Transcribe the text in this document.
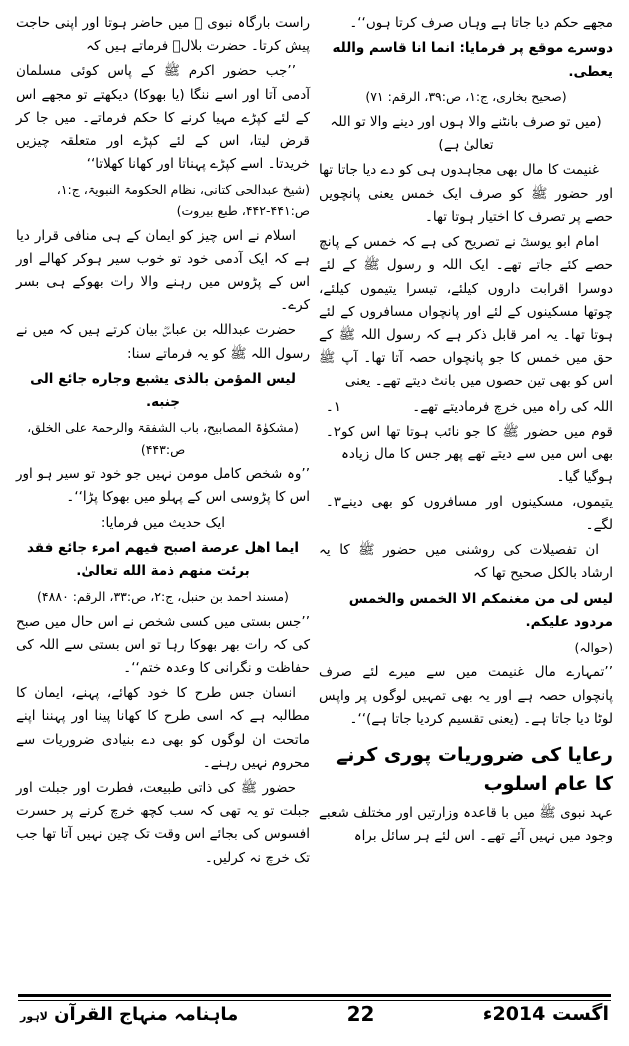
راست بارگاہ نبوی ﷺ میں حاضر ہوتا اور اپنی حاجت پیش کرتا۔ حضرت بلالؓ فرماتے ہیں کہ

’’جب حضور اکرم ﷺ کے پاس کوئی مسلمان آدمی آتا اور اسے ننگا (یا بھوکا) دیکھتے تو مجھے اس کے لئے کپڑے مہیا کرنے کا حکم فرماتے۔ میں جا کر قرض لیتا، اس کے لئے کپڑے اور متعلقہ چیزیں خریدتا۔ اسے کپڑے پہناتا اور کھانا کھلاتا‘‘

(شیخ عبدالحی کتانی، نظام الحکومۃ النبویۃ، ج:۱، ص:۴۴۱-۴۴۲، طبع بیروت)

اسلام نے اس چیز کو ایمان کے ہی منافی قرار دیا ہے کہ ایک آدمی خود تو خوب سیر ہوکر کھالے اور اس کے پڑوس میں رہنے والا رات بھوکے ہی بسر کرے۔

حضرت عبداللہ بن عباسؓ بیان کرتے ہیں کہ میں نے رسول اللہ ﷺ کو یہ فرماتے سنا:

ليس المؤمن بالذى يشبع وجاره جائع الى جنبه.

(مشکوٰۃ المصابیح، باب الشفقۃ والرحمۃ علی الخلق، ص:۴۴۳)

’’وہ شخص کامل مومن نہیں جو خود تو سیر ہو اور اس کا پڑوسی اس کے پہلو میں بھوکا پڑا‘‘۔

ایک حدیث میں فرمایا:

ايما اهل عرصة اصبح فيهم امرء جائع فقد برئت منهم ذمة الله تعالىٰ.

(مسند احمد بن حنبل، ج:۲، ص:۳۳، الرقم: ۴۸۸۰)

’’جس بستی میں کسی شخص نے اس حال میں صبح کی کہ رات بھر بھوکا رہا تو اس بستی سے اللہ کی حفاظت و نگرانی کا وعدہ ختم‘‘۔

انسان جس طرح کا خود کھائے، پہنے، ایمان کا مطالبہ ہے کہ اسی طرح کا کھانا پینا اور پہننا اپنے ماتحت ان لوگوں کو بھی دے بنیادی ضروریات سے محروم نہیں رہنے۔

حضور ﷺ کی ذاتی طبیعت، فطرت اور جبلت اور جبلت تو یہ تھی کہ سب کچھ خرچ کرنے پر حسرت افسوس کی بجائے اس وقت تک چین نہیں آتا تھا جب تک خرچ نہ کرلیں۔

مجھے حکم دیا جاتا ہے وہاں صرف کرتا ہوں‘‘۔

دوسرے موقع پر فرمایا: انما انا قاسم والله يعطى.

(صحیح بخاری، ج:۱، ص:۳۹، الرقم: ۷۱)

(میں تو صرف بانٹنے والا ہوں اور دینے والا تو اللہ تعالیٰ ہے)

غنیمت کا مال بھی مجاہدوں ہی کو دے دیا جاتا تھا اور حضور ﷺ کو صرف ایک خمس یعنی پانچویں حصے پر تصرف کا اختیار ہوتا تھا۔

امام ابو یوسفؒ نے تصریح کی ہے کہ خمس کے پانچ حصے کئے جاتے تھے۔ ایک اللہ و رسول ﷺ کے لئے دوسرا اقرابت داروں کیلئے، تیسرا یتیموں کیلئے، چوتھا مسکینوں کے لئے اور پانچواں مسافروں کے لئے ہوتا تھا۔ یہ امر قابل ذکر ہے کہ رسول اللہ ﷺ کے حق میں خمس کا جو پانچواں حصہ آتا تھا۔ آپ ﷺ اس کو بھی تین حصوں میں بانٹ دیتے تھے۔ یعنی

۱۔	اللہ کی راہ میں خرچ فرمادیتے تھے۔
۲۔ قوم میں حضور ﷺ کا جو نائب ہوتا تھا اس کو بھی اس میں سے دیتے تھے پھر جس کا مال زیادہ ہوگیا گیا۔
۳۔ یتیموں، مسکینوں اور مسافروں کو بھی دینے لگے۔

ان تفصیلات کی روشنی میں حضور ﷺ کا یہ ارشاد بالکل صحیح تھا کہ

ليس لى من مغنمكم الا الخمس والخمس مردود عليكم.

(حوالہ)

’’تمہارے مال غنیمت میں سے میرے لئے صرف پانچواں حصہ ہے اور یہ بھی تمہیں لوگوں پر واپس لوٹا دیا جاتا ہے۔ (یعنی تقسیم کردیا جاتا ہے)‘‘۔

رعایا کی ضروریات پوری کرنے کا عام اسلوب

عہد نبوی ﷺ میں با قاعدہ وزارتیں اور مختلف شعبے وجود میں نہیں آئے تھے۔ اس لئے ہر سائل براہ

اگست 2014ء
22
ماہنامہ منہاج القرآن لاہور
